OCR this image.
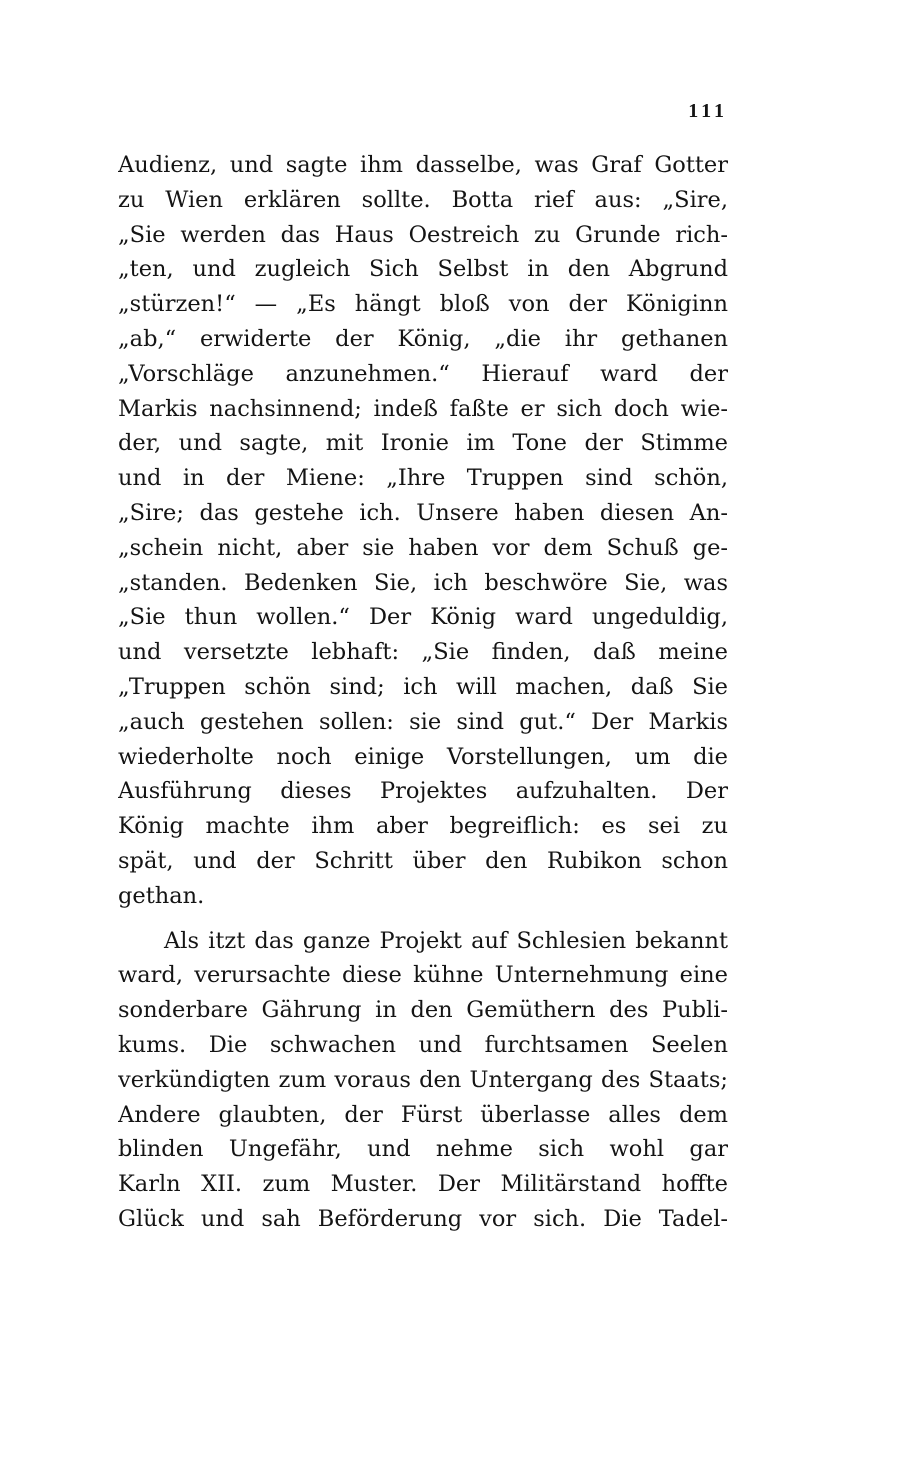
111
Audienz, und sagte ihm dasselbe, was Graf Gotter
zu Wien erklären sollte. Botta rief aus: „Sire,
„Sie werden das Haus Oestreich zu Grunde rich-
„ten, und zugleich Sich Selbst in den Abgrund
„stürzen!“ — „Es hängt bloß von der Königinn
„ab,“ erwiderte der König, „die ihr gethanen
„Vorschläge anzunehmen.“ Hierauf ward der
Markis nachsinnend; indeß faßte er sich doch wie-
der, und sagte, mit Ironie im Tone der Stimme
und in der Miene: „Ihre Truppen sind schön,
„Sire; das gestehe ich. Unsere haben diesen An-
„schein nicht, aber sie haben vor dem Schuß ge-
„standen. Bedenken Sie, ich beschwöre Sie, was
„Sie thun wollen.“ Der König ward ungeduldig,
und versetzte lebhaft: „Sie finden, daß meine
„Truppen schön sind; ich will machen, daß Sie
„auch gestehen sollen: sie sind gut.“ Der Markis
wiederholte noch einige Vorstellungen, um die
Ausführung dieses Projektes aufzuhalten. Der
König machte ihm aber begreiflich: es sei zu
spät, und der Schritt über den Rubikon schon
gethan.
Als itzt das ganze Projekt auf Schlesien bekannt
ward, verursachte diese kühne Unternehmung eine
sonderbare Gährung in den Gemüthern des Publi-
kums. Die schwachen und furchtsamen Seelen
verkündigten zum voraus den Untergang des Staats;
Andere glaubten, der Fürst überlasse alles dem
blinden Ungefähr, und nehme sich wohl gar
Karln XII. zum Muster. Der Militärstand hoffte
Glück und sah Beförderung vor sich. Die Tadel-
